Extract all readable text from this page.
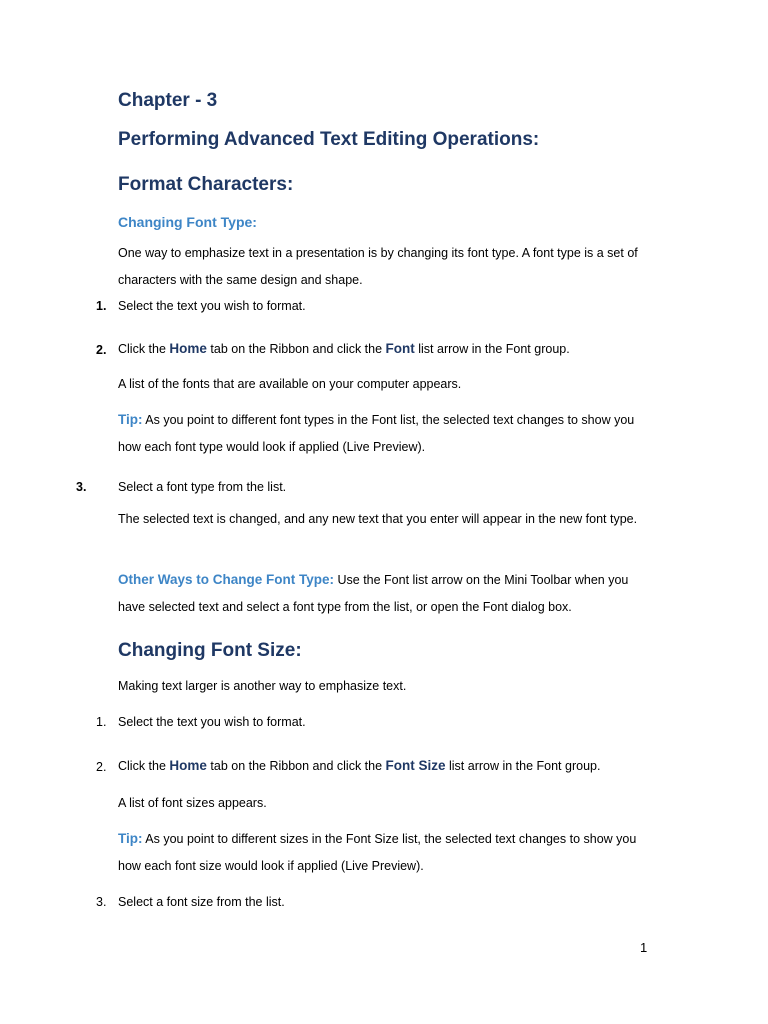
Chapter - 3
Performing Advanced Text Editing Operations:
Format Characters:
Changing Font Type:
One way to emphasize text in a presentation is by changing its font type. A font type is a set of characters with the same design and shape.
1. Select the text you wish to format.
2. Click the Home tab on the Ribbon and click the Font list arrow in the Font group.
A list of the fonts that are available on your computer appears.
Tip: As you point to different font types in the Font list, the selected text changes to show you how each font type would look if applied (Live Preview).
3.	Select a font type from the list.
The selected text is changed, and any new text that you enter will appear in the new font type.
Other Ways to Change Font Type: Use the Font list arrow on the Mini Toolbar when you have selected text and select a font type from the list, or open the Font dialog box.
Changing Font Size:
Making text larger is another way to emphasize text.
1. Select the text you wish to format.
2. Click the Home tab on the Ribbon and click the Font Size list arrow in the Font group.
A list of font sizes appears.
Tip: As you point to different sizes in the Font Size list, the selected text changes to show you how each font size would look if applied (Live Preview).
3. Select a font size from the list.
1
